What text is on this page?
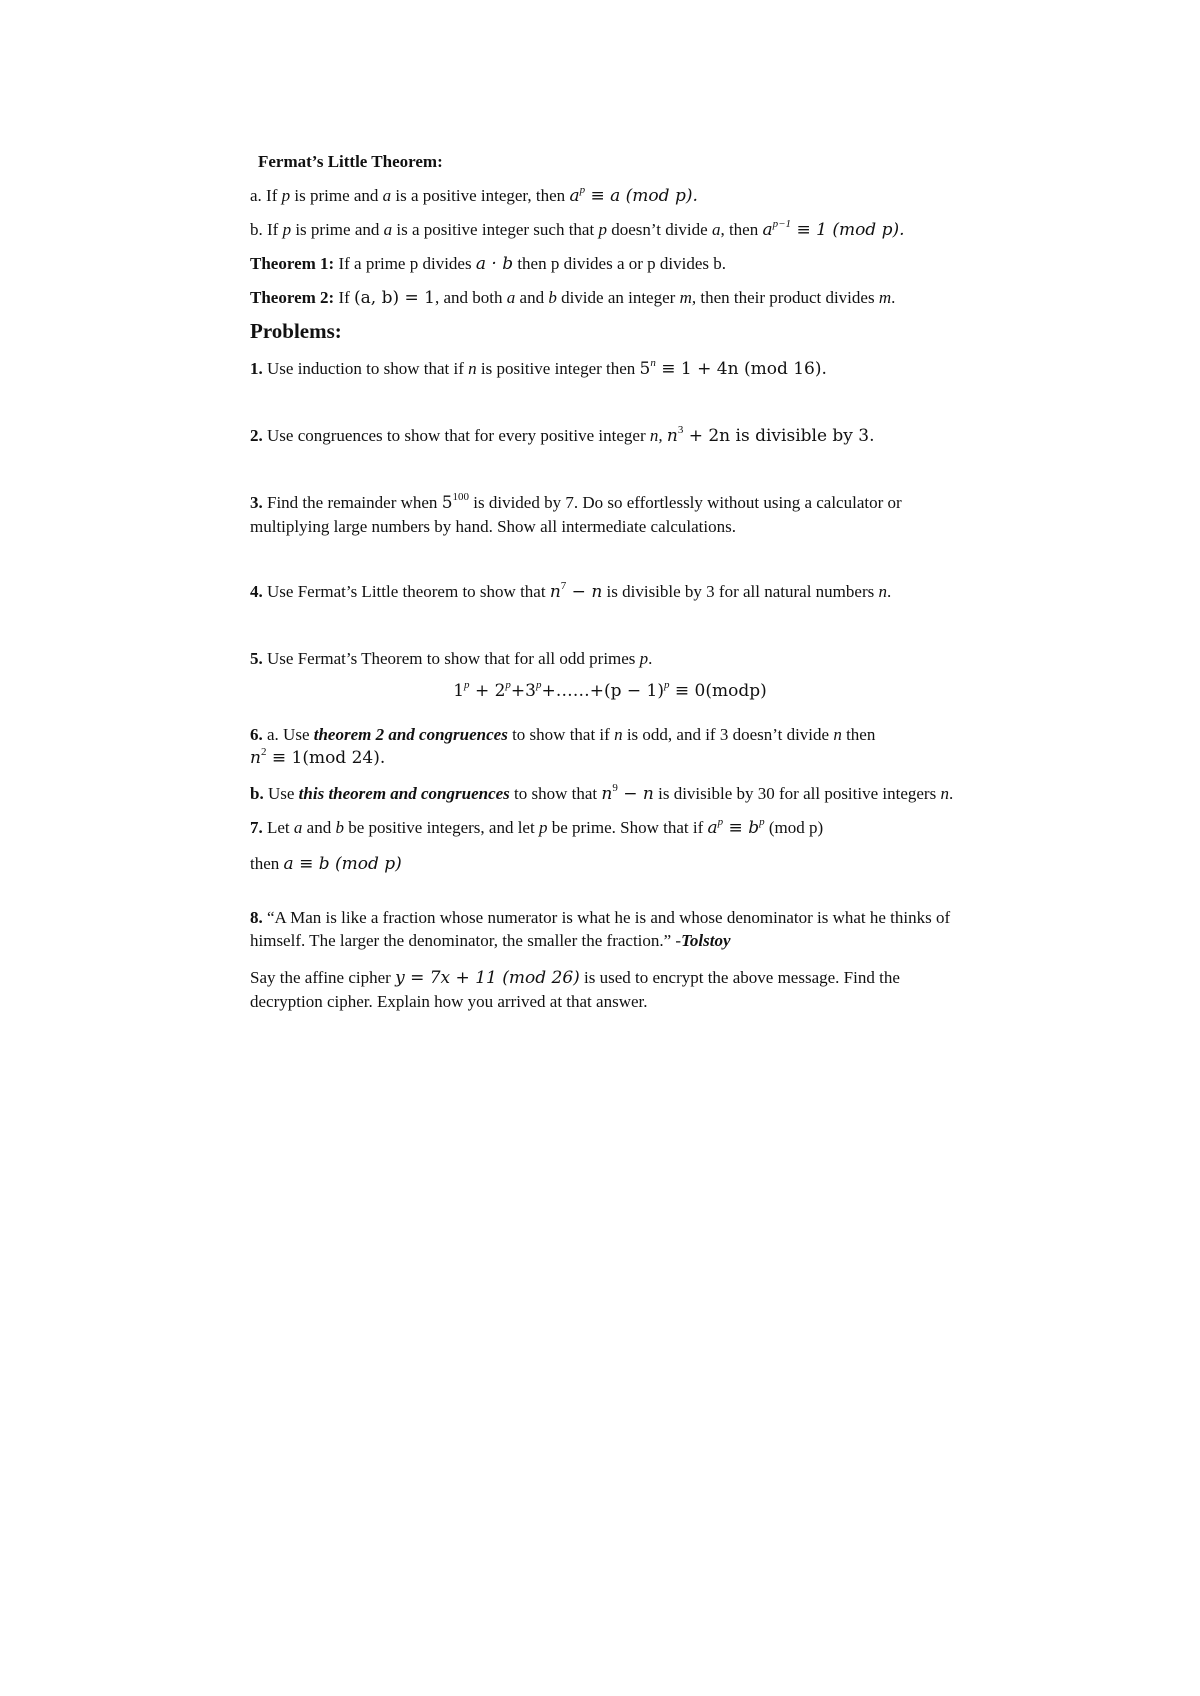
Fermat’s Little Theorem:

a. If p is prime and a is a positive integer, then $a^p \equiv a$ (mod p).

b. If p is prime and a is a positive integer such that p doesn’t divide a, then $a^{p-1} \equiv 1$ (mod p).

Theorem 1: If a prime p divides a · b then p divides a or p divides b.

Theorem 2: If (a, b) = 1, and both a and b divide an integer m, then their product divides m.

Problems:

1. Use induction to show that if n is positive integer then $5^n \equiv 1 + 4n$ (mod 16).

2. Use congruences to show that for every positive integer n, $n^3 + 2n$ is divisible by 3.

3. Find the remainder when $5^{100}$ is divided by 7. Do so effortlessly without using a calculator or multiplying large numbers by hand. Show all intermediate calculations.

4. Use Fermat’s Little theorem to show that $n^7 - n$ is divisible by 3 for all natural numbers n.

5. Use Fermat’s Theorem to show that for all odd primes p.

$1^p$ + $2^p+3^p+\dots\dots+(p - 1)^p$ ≡ 0(modp)

6. a. Use theorem 2 and congruences to show that if n is odd, and if 3 doesn’t divide n then
$n^2 \equiv 1(mod$ 24).

b. Use this theorem and congruences to show that $n^9 - n$ is divisible by 30 for all positive integers n.

7. Let a and b be positive integers, and let p be prime. Show that if $a^p \equiv b^p$ (mod p)

then a ≡ b (mod p)

8. “A Man is like a fraction whose numerator is what he is and whose denominator is what he thinks of himself. The larger the denominator, the smaller the fraction.” -Tolstoy

Say the affine cipher y = 7x + 11 (mod 26) is used to encrypt the above message. Find the decryption cipher. Explain how you arrived at that answer.
